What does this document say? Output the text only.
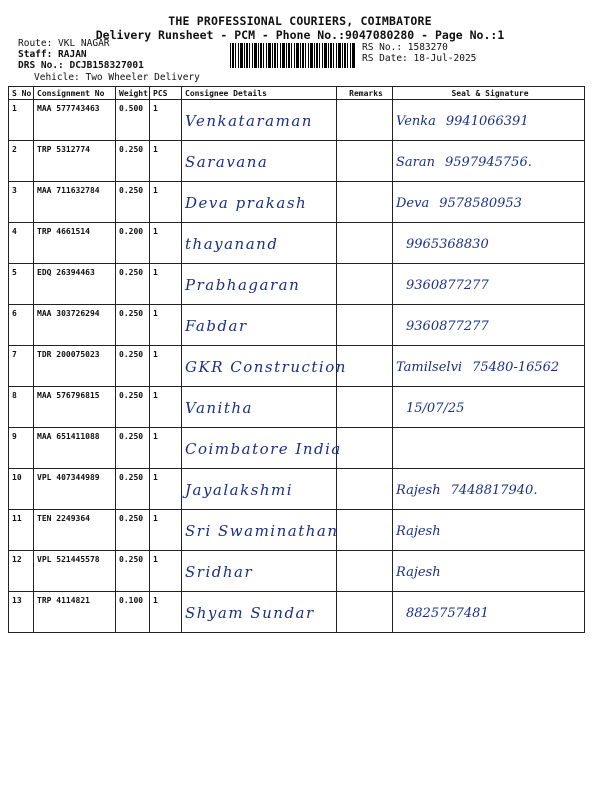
THE PROFESSIONAL COURIERS, COIMBATORE
Delivery Runsheet - PCM - Phone No.:9047080280 - Page No.:1
Route: VKL NAGAR
Staff: RAJAN
DRS No.: DCJB158327001
Vehicle: Two Wheeler Delivery
RS No.: 1583270
RS Date: 18-Jul-2025
S No	Consignment No	Weight	PCS	Consignee Details	Remarks	Seal & Signature
1	MAA 577743463	0.500	1	Venkataraman		Venka 9941066391

2	TRP 5312774	0.250	1	Saravana		Saran 9597945756.

3	MAA 711632784	0.250	1	Deva prakash		Deva 9578580953

4	TRP 4661514	0.200	1	thayanand		9965368830

5	EDQ 26394463	0.250	1	Prabhagaran		9360877277

6	MAA 303726294	0.250	1	Fabdar		9360877277

7	TDR 200075023	0.250	1	GKR Construction		Tamilselvi 75480-16562

8	MAA 576796815	0.250	1	Vanitha		15/07/25

9	MAA 651411088	0.250	1	Coimbatore India		

10	VPL 407344989	0.250	1	Jayalakshmi		Rajesh 7448817940.

11	TEN 2249364	0.250	1	Sri Swaminathan		Rajesh

12	VPL 521445578	0.250	1	Sridhar		Rajesh

13	TRP 4114821	0.100	1	Shyam Sundar		8825757481
